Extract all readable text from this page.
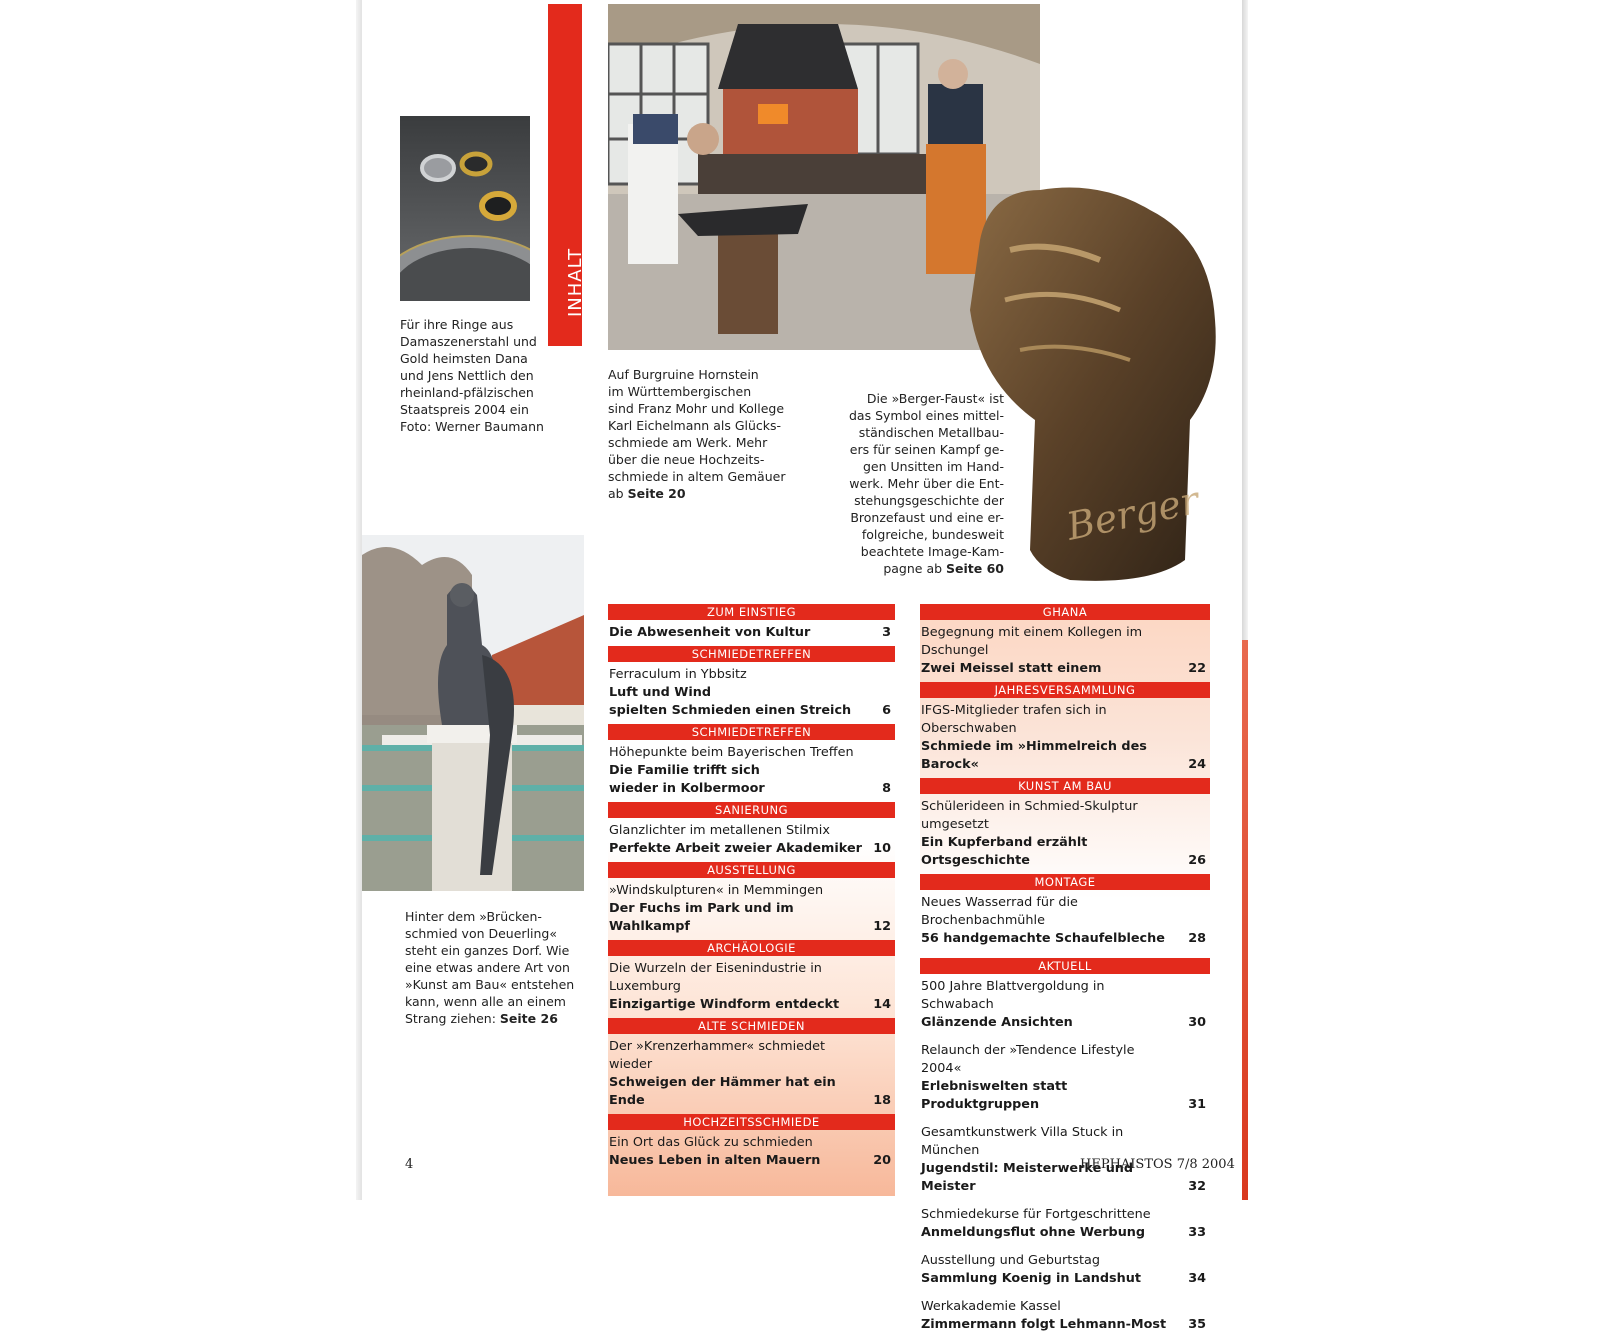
INHALT
Berger
Für ihre Ringe aus
Damaszenerstahl und
Gold heimsten Dana
und Jens Nettlich den
rheinland-pfälzischen
Staatspreis 2004 ein
Foto: Werner Baumann
Auf Burgruine Hornstein
im Württembergischen
sind Franz Mohr und Kollege
Karl Eichelmann als Glücks-
schmiede am Werk. Mehr
über die neue Hochzeits-
schmiede in altem Gemäuer
ab Seite 20
Die »Berger-Faust« ist
das Symbol eines mittel-
ständischen Metallbau-
ers für seinen Kampf ge-
gen Unsitten im Hand-
werk. Mehr über die Ent-
stehungsgeschichte der
Bronzefaust und eine er-
folgreiche, bundesweit
beachtete Image-Kam-
pagne ab Seite 60
Hinter dem »Brücken-
schmied von Deuerling«
steht ein ganzes Dorf. Wie
eine etwas andere Art von
»Kunst am Bau« entstehen
kann, wenn alle an einem
Strang ziehen: Seite 26
ZUM EINSTIEG
Die Abwesenheit von Kultur	3
SCHMIEDETREFFEN
Ferraculum in Ybbsitz
Luft und Wind
spielten Schmieden einen Streich	6
SCHMIEDETREFFEN
Höhepunkte beim Bayerischen Treffen
Die Familie trifft sich
wieder in Kolbermoor	8
SANIERUNG
Glanzlichter im metallenen Stilmix
Perfekte Arbeit zweier Akademiker 10
AUSSTELLUNG
»Windskulpturen« in Memmingen
Der Fuchs im Park und im Wahlkampf	12
ARCHÄOLOGIE
Die Wurzeln der Eisenindustrie in Luxemburg
Einzigartige Windform entdeckt	14
ALTE SCHMIEDEN
Der »Krenzerhammer« schmiedet wieder
Schweigen der Hämmer hat ein Ende	18
HOCHZEITSSCHMIEDE
Ein Ort das Glück zu schmieden
Neues Leben in alten Mauern	20
GHANA
Begegnung mit einem Kollegen im Dschungel
Zwei Meissel statt einem	22
JAHRESVERSAMMLUNG
IFGS-Mitglieder trafen sich in Oberschwaben
Schmiede im »Himmelreich des Barock«	24
KUNST AM BAU
Schülerideen in Schmied-Skulptur umgesetzt
Ein Kupferband erzählt Ortsgeschichte	26
MONTAGE
Neues Wasserrad für die Brochenbachmühle
56 handgemachte Schaufelbleche	28
AKTUELL
500 Jahre Blattvergoldung in Schwabach
Glänzende Ansichten	30
Relaunch der »Tendence Lifestyle 2004«
Erlebniswelten statt Produktgruppen	31
Gesamtkunstwerk Villa Stuck in München
Jugendstil: Meisterwerke und Meister	32
Schmiedekurse für Fortgeschrittene
Anmeldungsflut ohne Werbung	33
Ausstellung und Geburtstag
Sammlung Koenig in Landshut	34
Werkakademie Kassel
Zimmermann folgt Lehmann-Most	35
4	HEPHAISTOS 7/8 2004
